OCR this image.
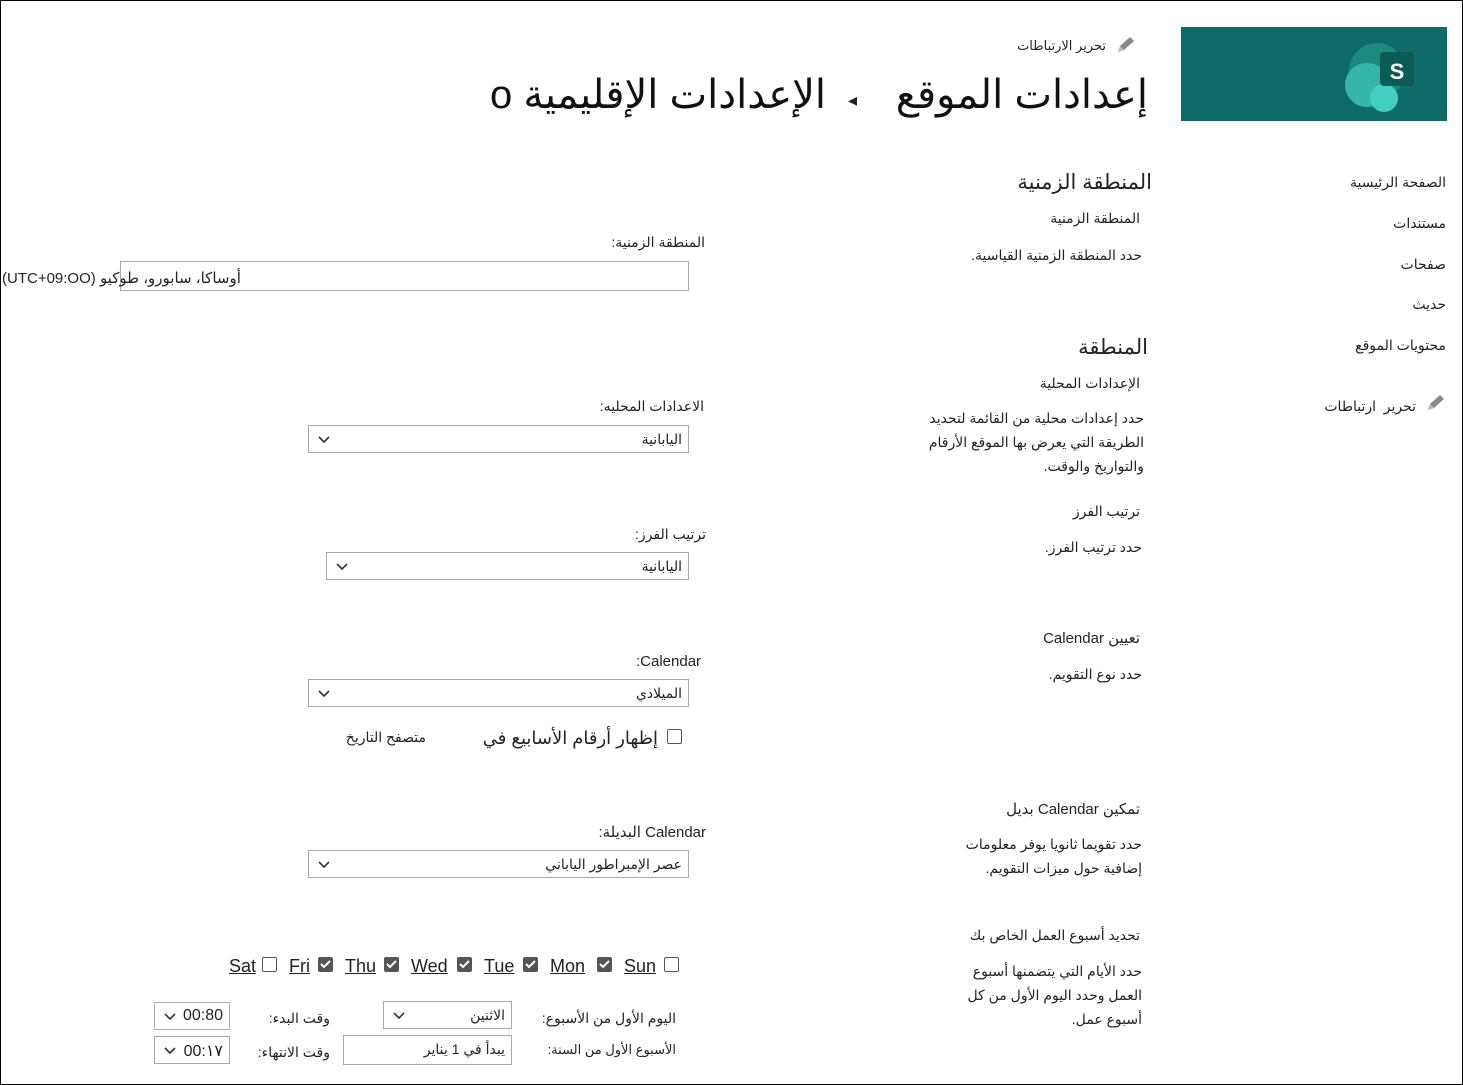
S
تحرير الارتباطات
إعدادات الموقع
◂
الإعدادات الإقليمية o
الصفحة الرئيسية
مستندات
صفحات
حديث
محتويات الموقع
تحرير
ارتباطات
المنطقة الزمنية
المنطقة الزمنية
حدد المنطقة الزمنية القياسية.
المنطقة الزمنية:
(UTC+09:OO) أوساكا، سابورو، طوكيو
المنطقة
الإعدادات المحلية
حدد إعدادات محلية من القائمة لتحديد الطريقة التي يعرض بها الموقع الأرقام والتواريخ والوقت.
الاعدادات المحليه:
اليابانية
ترتيب الفرز
حدد ترتيب الفرز.
ترتيب الفرز:
اليابانية
تعيين Calendar
حدد نوع التقويم.
:Calendar
الميلادي
إظهار أرقام الأسابيع في
متصفح التاريخ
تمكين Calendar بديل
حدد تقويما ثانويا يوفر معلومات إضافية حول ميزات التقويم.
Calendar البديلة:
عصر الإمبراطور الياباني
تحديد أسبوع العمل الخاص بك
حدد الأيام التي يتضمنها أسبوع العمل وحدد اليوم الأول من كل أسبوع عمل.
Sun
Mon
Tue
Wed
Thu
Fri
Sat
اليوم الأول من الأسبوع:
الاثنين
الأسبوع الأول من السنة:
يبدأ في 1 يناير
وقت البدء:
00:80
وقت الانتهاء:
00:١٧
